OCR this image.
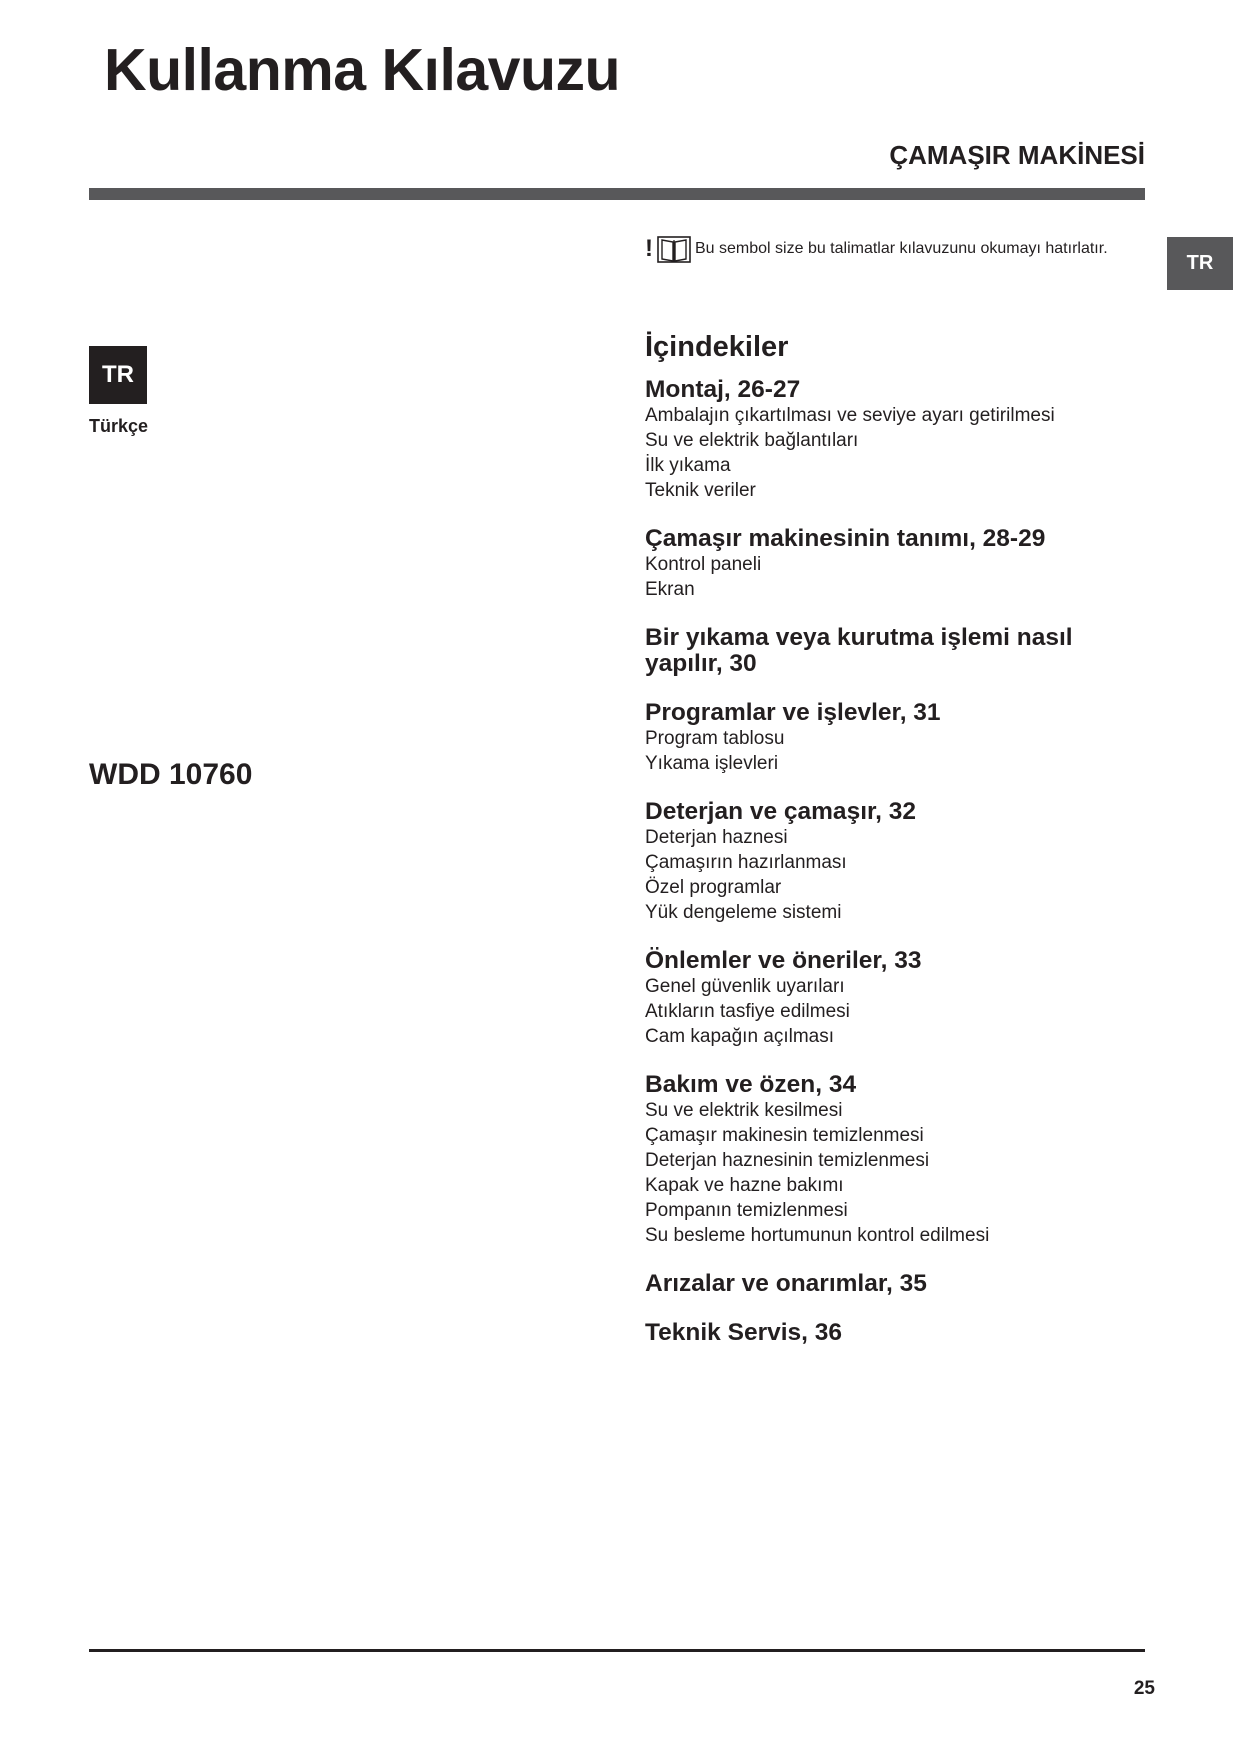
Kullanma Kılavuzu
ÇAMAŞIR MAKİNESİ
TR
!	Bu sembol size bu talimatlar kılavuzunu okumayı hatırlatır.
TR
Türkçe
WDD 10760
İçindekiler
Montaj, 26-27
Ambalajın çıkartılması ve seviye ayarı getirilmesi
Su ve elektrik bağlantıları
İlk yıkama
Teknik veriler
Çamaşır makinesinin tanımı, 28-29
Kontrol paneli
Ekran
Bir yıkama veya kurutma işlemi nasıl yapılır, 30
Programlar ve işlevler, 31
Program tablosu
Yıkama işlevleri
Deterjan ve çamaşır, 32
Deterjan haznesi
Çamaşırın hazırlanması
Özel programlar
Yük dengeleme sistemi
Önlemler ve öneriler, 33
Genel güvenlik uyarıları
Atıkların tasfiye edilmesi
Cam kapağın açılması
Bakım ve özen, 34
Su ve elektrik kesilmesi
Çamaşır makinesin temizlenmesi
Deterjan haznesinin temizlenmesi
Kapak ve hazne bakımı
Pompanın temizlenmesi
Su besleme hortumunun kontrol edilmesi
Arızalar ve onarımlar, 35
Teknik Servis, 36
25
